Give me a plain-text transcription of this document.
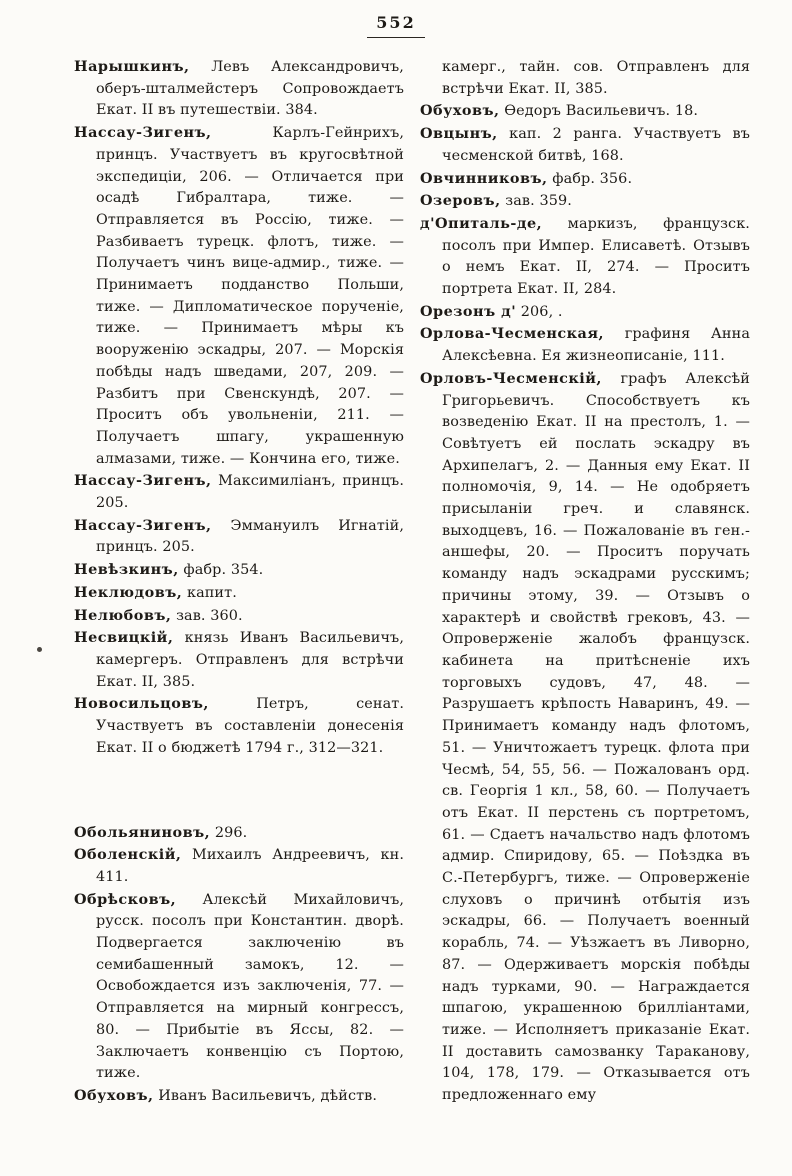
552

Нарышкинъ, Левъ Александровичъ, оберъ-шталмейстеръ Сопровождаетъ Екат. II въ путешествіи. 384.

Нассау-Зигенъ, Карлъ-Гейнрихъ, принцъ. Участвуетъ въ кругосвѣтной экспедиціи, 206. — Отличается при осадѣ Гибралтара, тиже. — Отправляется въ Россію, тиже. — Разбиваетъ турецк. флотъ, тиже. — Получаетъ чинъ вице-адмир., тиже. — Принимаетъ подданство Польши, тиже. — Дипломатическое порученіе, тиже. — Принимаетъ мѣры къ вооруженію эскадры, 207. — Морскія побѣды надъ шведами, 207, 209. — Разбитъ при Свенскундѣ, 207. — Проситъ объ увольненіи, 211. — Получаетъ шпагу, украшенную алмазами, тиже. — Кончина его, тиже.

Нассау-Зигенъ, Максимиліанъ, принцъ. 205.

Нассау-Зигенъ, Эммануилъ Игнатій, принцъ. 205.

Невѣзкинъ, фабр. 354.

Неклюдовъ, капит.

Нелюбовъ, зав. 360.

Несвицкій, князь Иванъ Васильевичъ, камергеръ. Отправленъ для встрѣчи Екат. II, 385.

Новосильцовъ, Петръ, сенат. Участвуетъ въ составленіи донесенія Екат. II о бюджетѣ 1794 г., 312—321.

Обольяниновъ, 296.

Оболенскій, Михаилъ Андреевичъ, кн. 411.

Обрѣсковъ, Алексѣй Михайловичъ, русск. посолъ при Константин. дворѣ. Подвергается заключенію въ семибашенный замокъ, 12. — Освобождается изъ заключенія, 77. — Отправляется на мирный конгрессъ, 80. — Прибытіе въ Яссы, 82. — Заключаетъ конвенцію съ Портою, тиже.

Обуховъ, Иванъ Васильевичъ, дѣйств.

камерг., тайн. сов. Отправленъ для встрѣчи Екат. II, 385.

Обуховъ, Ѳедоръ Васильевичъ. 18.

Овцынъ, кап. 2 ранга. Участвуетъ въ чесменской битвѣ, 168.

Овчинниковъ, фабр. 356.

Озеровъ, зав. 359.

д'Опиталь-де, маркизъ, французск. посолъ при Импер. Елисаветѣ. Отзывъ о немъ Екат. II, 274. — Проситъ портрета Екат. II, 284.

Орезонъ д' 206, .

Орлова-Чесменская, графиня Анна Алексѣевна. Ея жизнеописаніе, 111.

Орловъ-Чесменскій, графъ Алексѣй Григорьевичъ. Способствуетъ къ возведенію Екат. II на престолъ, 1. — Совѣтуетъ ей послать эскадру въ Архипелагъ, 2. — Данныя ему Екат. II полномочія, 9, 14. — Не одобряетъ присыланіи греч. и славянск. выходцевъ, 16. — Пожалованіе въ ген.-аншефы, 20. — Проситъ поручать команду надъ эскадрами русскимъ; причины этому, 39. — Отзывъ о характерѣ и свойствѣ грековъ, 43. — Опроверженіе жалобъ французск. кабинета на притѣсненіе ихъ торговыхъ судовъ, 47, 48. — Разрушаетъ крѣпость Наваринъ, 49. — Принимаетъ команду надъ флотомъ, 51. — Уничтожаетъ турецк. флота при Чесмѣ, 54, 55, 56. — Пожалованъ орд. св. Георгія 1 кл., 58, 60. — Получаетъ отъ Екат. II перстень съ портретомъ, 61. — Сдаетъ начальство надъ флотомъ адмир. Спиридову, 65. — Поѣздка въ С.-Петербургъ, тиже. — Опроверженіе слуховъ о причинѣ отбытія изъ эскадры, 66. — Получаетъ военный корабль, 74. — Уѣзжаетъ въ Ливорно, 87. — Одерживаетъ морскія побѣды надъ турками, 90. — Награждается шпагою, украшенною брилліантами, тиже. — Исполняетъ приказаніе Екат. II доставить самозванку Тараканову, 104, 178, 179. — Отказывается отъ предложеннаго ему
